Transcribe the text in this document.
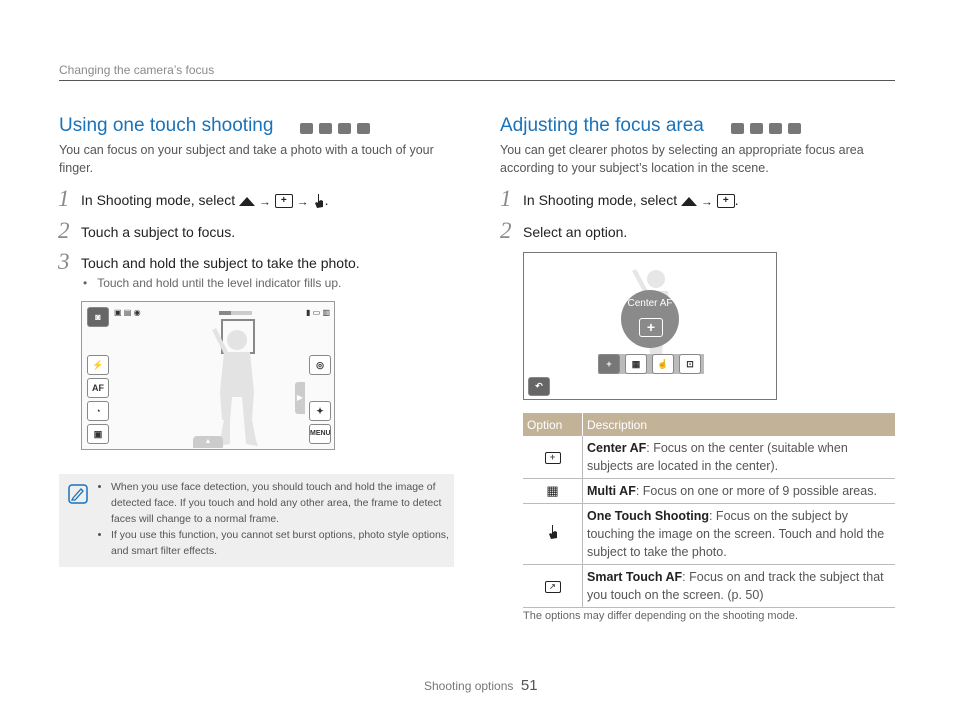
Changing the camera’s focus
Using one touch shooting
You can focus on your subject and take a photo with a touch of your finger.
1 In Shooting mode, select → + → .
2 Touch a subject to focus.
3 Touch and hold the subject to take the photo.
•   Touch and hold until the level indicator fills up.
◙	▣ ▤ ◉	▮ ▭ ▥
⚡
AF
◔
▣
◎
✦
MENU
▶
▲
• When you use face detection, you should touch and hold the image of detected face. If you touch and hold any other area, the frame to detect faces will change to a normal frame.
• If you use this function, you cannot set burst options, photo style options, and smart filter effects.
Adjusting the focus area
You can get clearer photos by selecting an appropriate focus area according to your subject’s location in the scene.
1 In Shooting mode, select → + .
2 Select an option.
Center AF
+
+	▦	☝	⊡
↶
Option	Description
+	Center AF: Focus on the center (suitable when subjects are located in the center).
▦	Multi AF: Focus on one or more of 9 possible areas.
	One Touch Shooting: Focus on the subject by touching the image on the screen. Touch and hold the subject to take the photo.
↗	Smart Touch AF: Focus on and track the subject that you touch on the screen. (p. 50)
The options may differ depending on the shooting mode.
Shooting options 51
